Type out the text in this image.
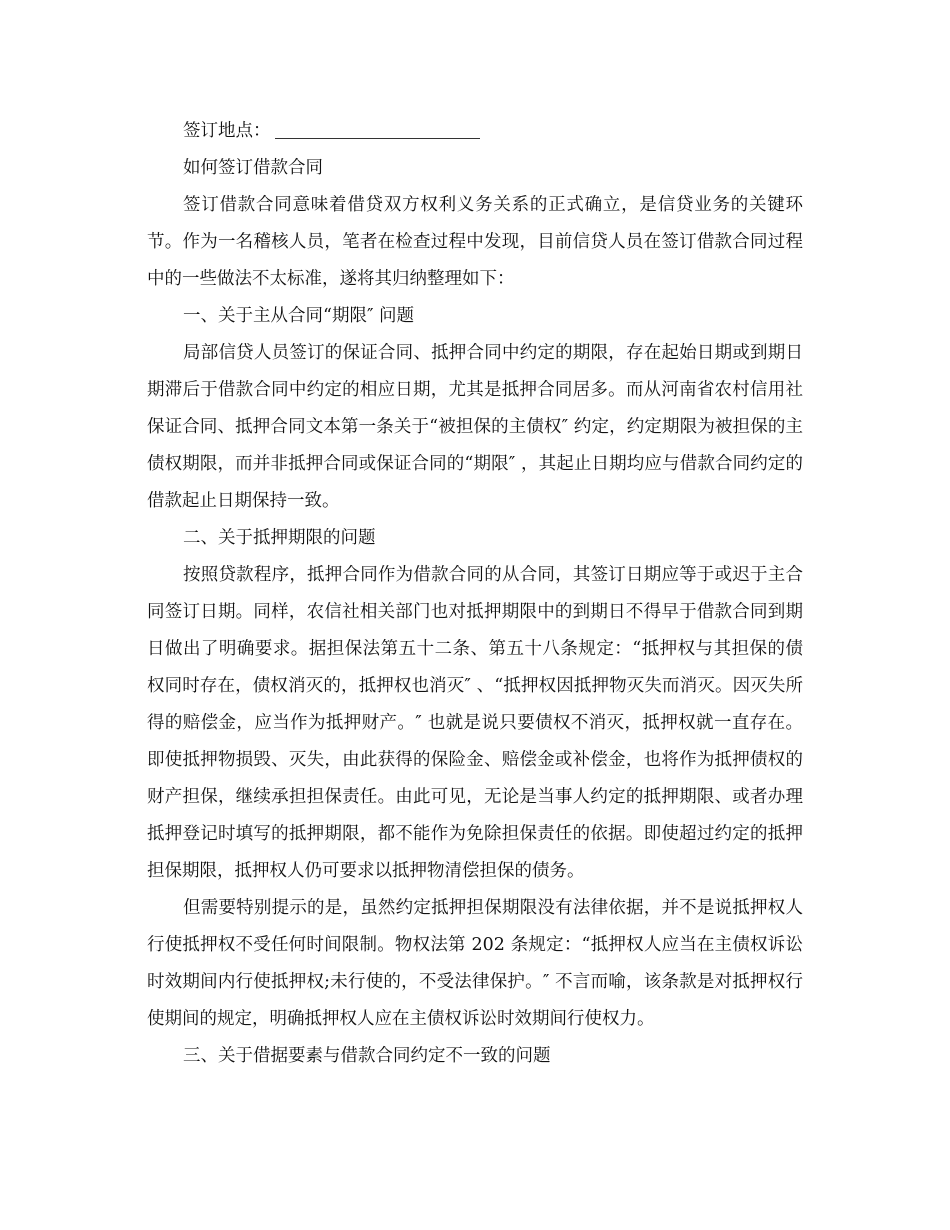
签订地点：

如何签订借款合同

签订借款合同意味着借贷双方权利义务关系的正式确立，是信贷业务的关键环节。作为一名稽核人员，笔者在检查过程中发现，目前信贷人员在签订借款合同过程中的一些做法不太标准，遂将其归纳整理如下：

一、关于主从合同“期限″ 问题

局部信贷人员签订的保证合同、抵押合同中约定的期限，存在起始日期或到期日期滞后于借款合同中约定的相应日期，尤其是抵押合同居多。而从河南省农村信用社保证合同、抵押合同文本第一条关于“被担保的主债权″ 约定，约定期限为被担保的主债权期限，而并非抵押合同或保证合同的“期限″ ，其起止日期均应与借款合同约定的借款起止日期保持一致。

二、关于抵押期限的问题

按照贷款程序，抵押合同作为借款合同的从合同，其签订日期应等于或迟于主合同签订日期。同样，农信社相关部门也对抵押期限中的到期日不得早于借款合同到期日做出了明确要求。据担保法第五十二条、第五十八条规定：“抵押权与其担保的债权同时存在，债权消灭的，抵押权也消灭″ 、“抵押权因抵押物灭失而消灭。因灭失所得的赔偿金，应当作为抵押财产。″ 也就是说只要债权不消灭，抵押权就一直存在。即使抵押物损毁、灭失，由此获得的保险金、赔偿金或补偿金，也将作为抵押债权的财产担保，继续承担担保责任。由此可见，无论是当事人约定的抵押期限、或者办理抵押登记时填写的抵押期限，都不能作为免除担保责任的依据。即使超过约定的抵押担保期限，抵押权人仍可要求以抵押物清偿担保的债务。

但需要特别提示的是，虽然约定抵押担保期限没有法律依据，并不是说抵押权人行使抵押权不受任何时间限制。物权法第 202 条规定：“抵押权人应当在主债权诉讼时效期间内行使抵押权;未行使的，不受法律保护。″ 不言而喻，该条款是对抵押权行使期间的规定，明确抵押权人应在主债权诉讼时效期间行使权力。

三、关于借据要素与借款合同约定不一致的问题
